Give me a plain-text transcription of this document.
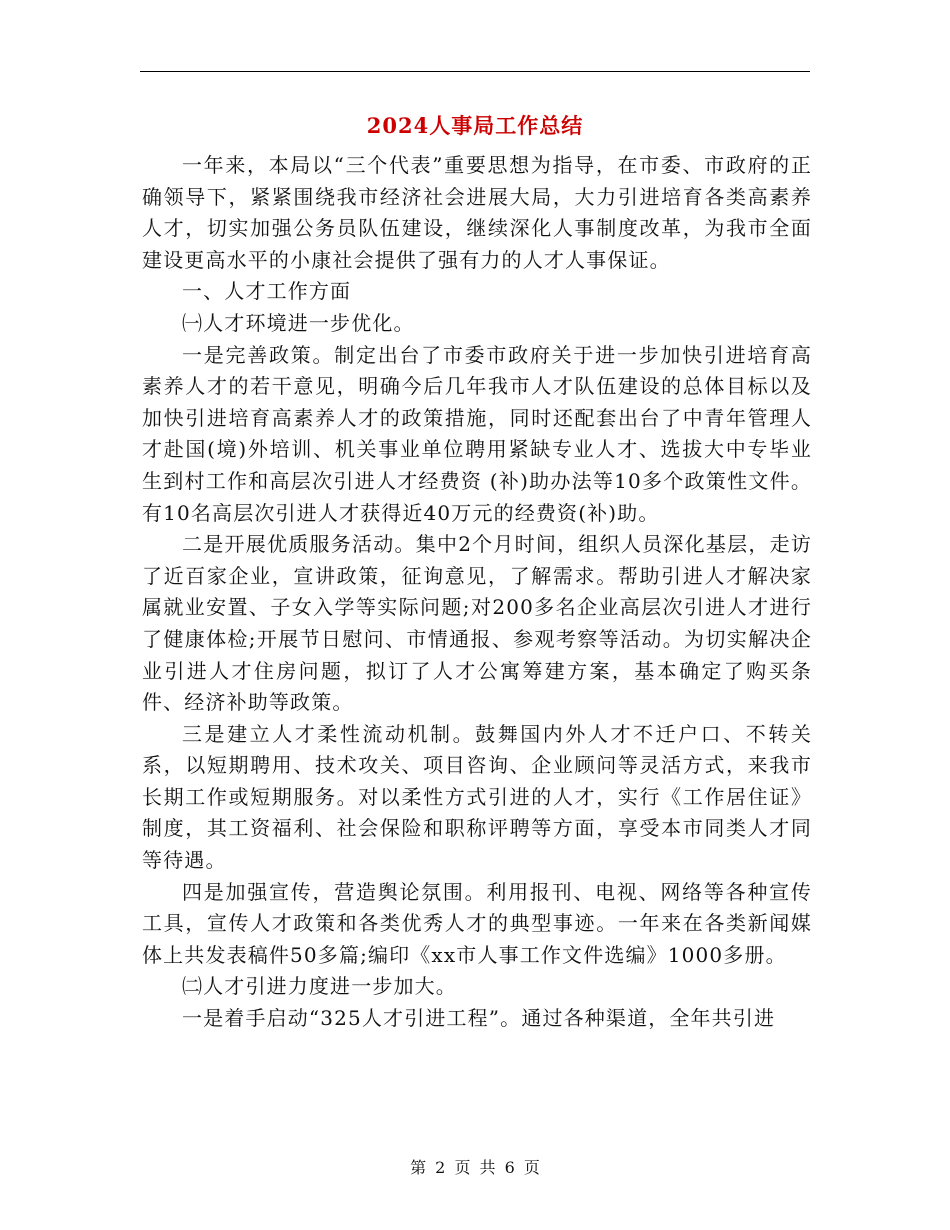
2024人事局工作总结

一年来，本局以“三个代表”重要思想为指导，在市委、市政府的正确领导下，紧紧围绕我市经济社会进展大局，大力引进培育各类高素养人才，切实加强公务员队伍建设，继续深化人事制度改革，为我市全面建设更高水平的小康社会提供了强有力的人才人事保证。

一、人才工作方面

㈠人才环境进一步优化。

一是完善政策。制定出台了市委市政府关于进一步加快引进培育高素养人才的若干意见，明确今后几年我市人才队伍建设的总体目标以及加快引进培育高素养人才的政策措施，同时还配套出台了中青年管理人才赴国(境)外培训、机关事业单位聘用紧缺专业人才、选拔大中专毕业生到村工作和高层次引进人才经费资 (补)助办法等10多个政策性文件。有10名高层次引进人才获得近40万元的经费资(补)助。

二是开展优质服务活动。集中2个月时间，组织人员深化基层，走访了近百家企业，宣讲政策，征询意见，了解需求。帮助引进人才解决家属就业安置、子女入学等实际问题;对200多名企业高层次引进人才进行了健康体检;开展节日慰问、市情通报、参观考察等活动。为切实解决企业引进人才住房问题，拟订了人才公寓筹建方案，基本确定了购买条件、经济补助等政策。

三是建立人才柔性流动机制。鼓舞国内外人才不迁户口、不转关系，以短期聘用、技术攻关、项目咨询、企业顾问等灵活方式，来我市长期工作或短期服务。对以柔性方式引进的人才，实行《工作居住证》制度，其工资福利、社会保险和职称评聘等方面，享受本市同类人才同等待遇。

四是加强宣传，营造舆论氛围。利用报刊、电视、网络等各种宣传工具，宣传人才政策和各类优秀人才的典型事迹。一年来在各类新闻媒体上共发表稿件50多篇;编印《xx市人事工作文件选编》1000多册。

㈡人才引进力度进一步加大。

一是着手启动“325人才引进工程”。通过各种渠道，全年共引进

第 2 页 共 6 页
